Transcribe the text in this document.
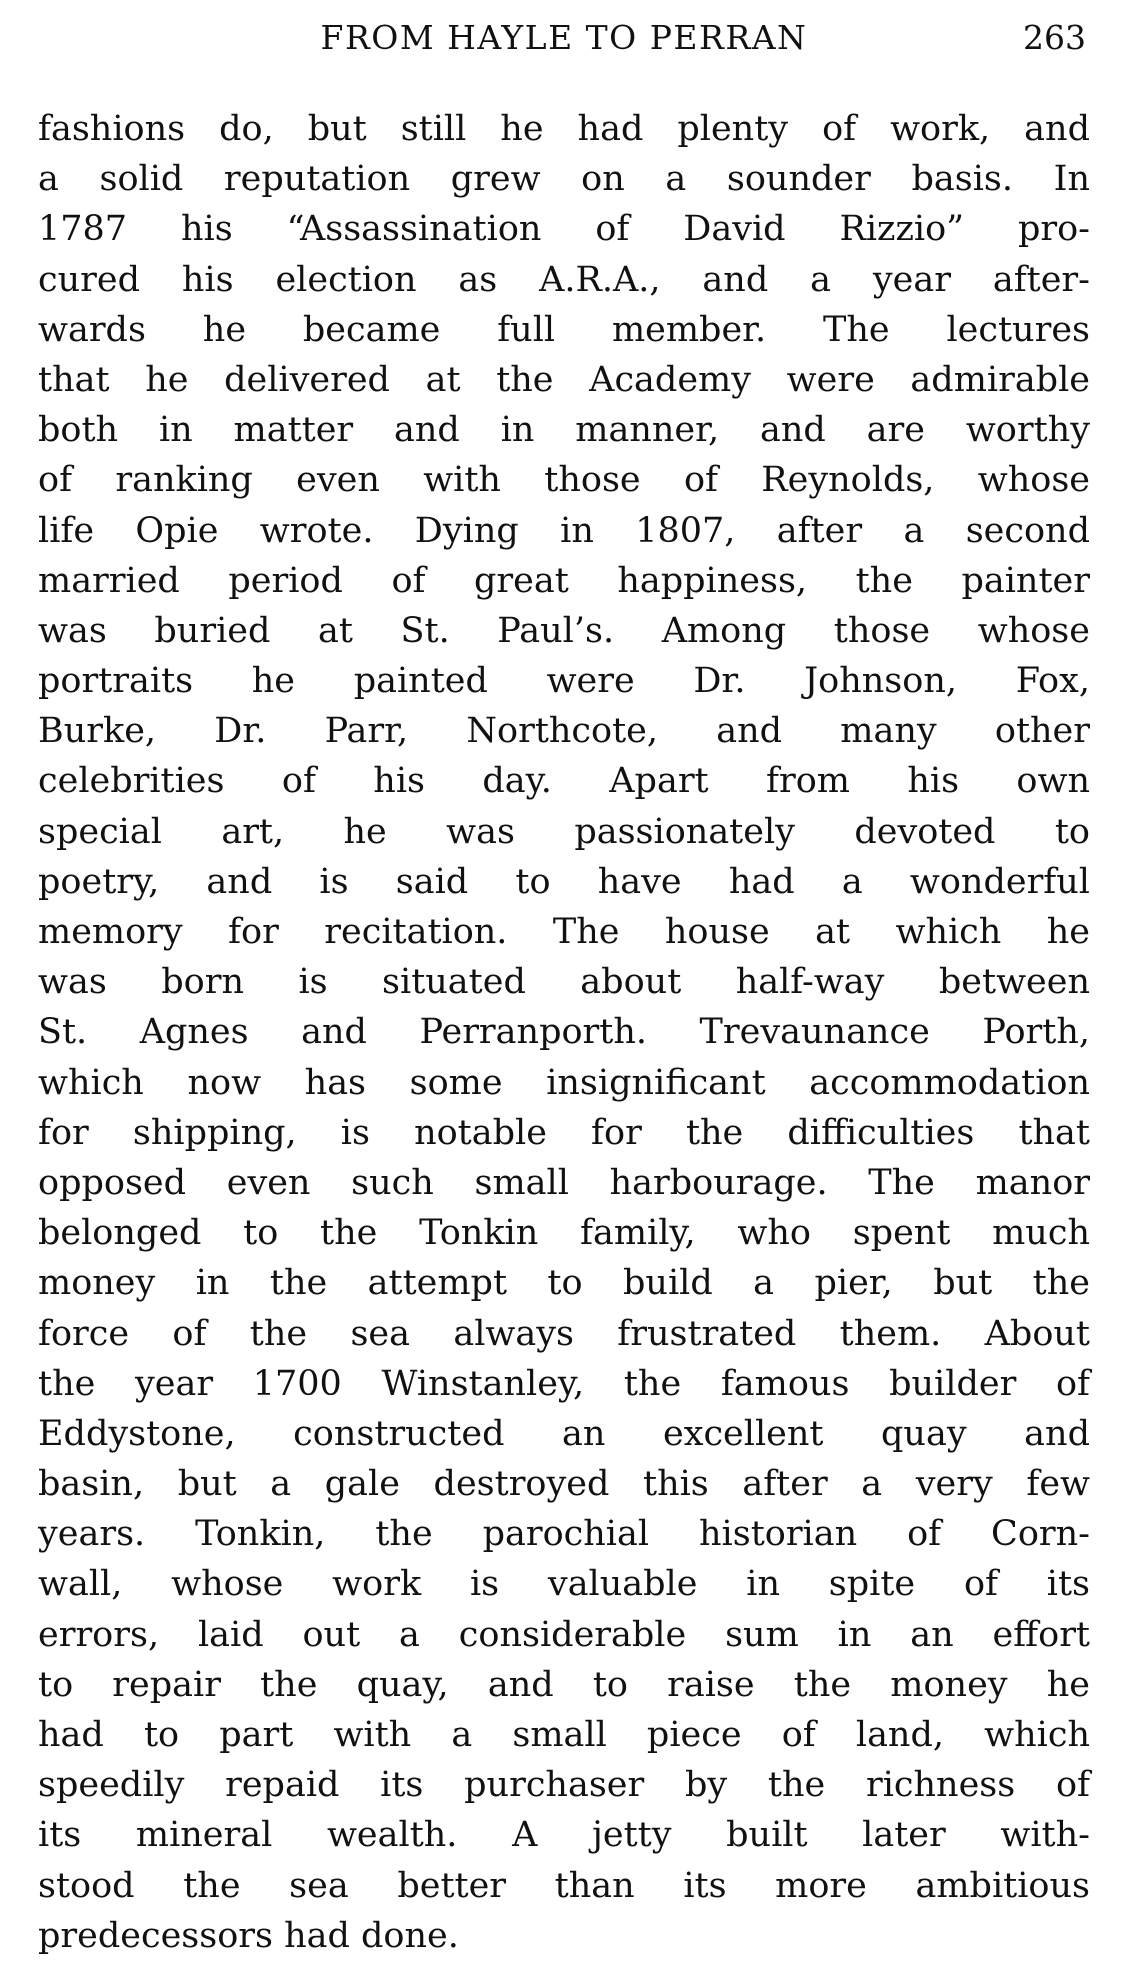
FROM HAYLE TO PERRAN	263
fashions do, but still he had plenty of work, and
a solid reputation grew on a sounder basis. In
1787 his “Assassination of David Rizzio” pro-
cured his election as A.R.A., and a year after-
wards he became full member. The lectures
that he delivered at the Academy were admirable
both in matter and in manner, and are worthy
of ranking even with those of Reynolds, whose
life Opie wrote. Dying in 1807, after a second
married period of great happiness, the painter
was buried at St. Paul’s. Among those whose
portraits he painted were Dr. Johnson, Fox,
Burke, Dr. Parr, Northcote, and many other
celebrities of his day. Apart from his own
special art, he was passionately devoted to
poetry, and is said to have had a wonderful
memory for recitation. The house at which he
was born is situated about half-way between
St. Agnes and Perranporth. Trevaunance Porth,
which now has some insignificant accommodation
for shipping, is notable for the difficulties that
opposed even such small harbourage. The manor
belonged to the Tonkin family, who spent much
money in the attempt to build a pier, but the
force of the sea always frustrated them. About
the year 1700 Winstanley, the famous builder of
Eddystone, constructed an excellent quay and
basin, but a gale destroyed this after a very few
years. Tonkin, the parochial historian of Corn-
wall, whose work is valuable in spite of its
errors, laid out a considerable sum in an effort
to repair the quay, and to raise the money he
had to part with a small piece of land, which
speedily repaid its purchaser by the richness of
its mineral wealth. A jetty built later with-
stood the sea better than its more ambitious
predecessors had done.
